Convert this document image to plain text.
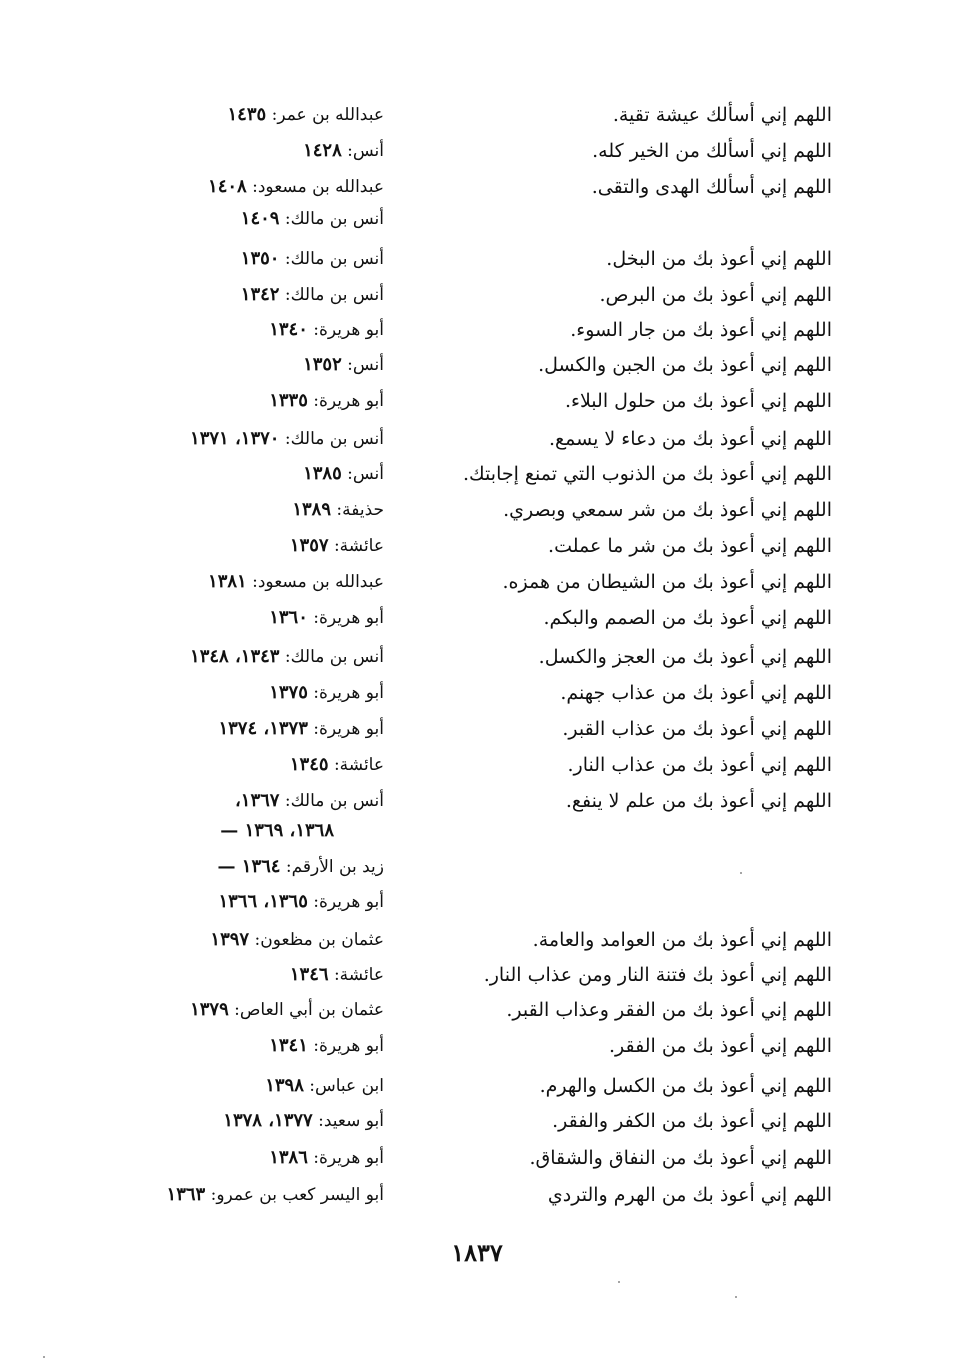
اللهم إني أسألك عيشة تقية.
عبدالله بن عمر: ١٤٣٥
اللهم إني أسألك من الخير كله.
أنس: ١٤٢٨
اللهم إني أسألك الهدى والتقى.
عبدالله بن مسعود: ١٤٠٨
أنس بن مالك: ١٤٠٩
اللهم إني أعوذ بك من البخل.
أنس بن مالك: ١٣٥٠
اللهم إني أعوذ بك من البرص.
أنس بن مالك: ١٣٤٢
اللهم إني أعوذ بك من جار السوء.
أبو هريرة: ١٣٤٠
اللهم إني أعوذ بك من الجبن والكسل.
أنس: ١٣٥٢
اللهم إني أعوذ بك من حلول البلاء.
أبو هريرة: ١٣٣٥
اللهم إني أعوذ بك من دعاء لا يسمع.
أنس بن مالك: ١٣٧٠، ١٣٧١
اللهم إني أعوذ بك من الذنوب التي تمنع إجابتك.
أنس: ١٣٨٥
اللهم إني أعوذ بك من شر سمعي وبصري.
حذيفة: ١٣٨٩
اللهم إني أعوذ بك من شر ما عملت.
عائشة: ١٣٥٧
اللهم إني أعوذ بك من الشيطان من همزه.
عبدالله بن مسعود: ١٣٨١
اللهم إني أعوذ بك من الصمم والبكم.
أبو هريرة: ١٣٦٠
اللهم إني أعوذ بك من العجز والكسل.
أنس بن مالك: ١٣٤٣، ١٣٤٨
اللهم إني أعوذ بك من عذاب جهنم.
أبو هريرة: ١٣٧٥
اللهم إني أعوذ بك من عذاب القبر.
أبو هريرة: ١٣٧٣، ١٣٧٤
اللهم إني أعوذ بك من عذاب النار.
عائشة: ١٣٤٥
اللهم إني أعوذ بك من علم لا ينفع.
أنس بن مالك: ١٣٦٧،
١٣٦٨، ١٣٦٩ —
زيد بن الأرقم: ١٣٦٤ —
أبو هريرة: ١٣٦٥، ١٣٦٦
اللهم إني أعوذ بك من العوامد والعامة.
عثمان بن مظعون: ١٣٩٧
اللهم إني أعوذ بك فتنة النار ومن عذاب النار.
عائشة: ١٣٤٦
اللهم إني أعوذ بك من الفقر وعذاب القبر.
عثمان بن أبي العاص: ١٣٧٩
اللهم إني أعوذ بك من الفقر.
أبو هريرة: ١٣٤١
اللهم إني أعوذ بك من الكسل والهرم.
ابن عباس: ١٣٩٨
اللهم إني أعوذ بك من الكفر والفقر.
أبو سعيد: ١٣٧٧، ١٣٧٨
اللهم إني أعوذ بك من النفاق والشقاق.
أبو هريرة: ١٣٨٦
اللهم إني أعوذ بك من الهرم والتردي
أبو اليسر كعب بن عمرو: ١٣٦٣
١٨٣٧
